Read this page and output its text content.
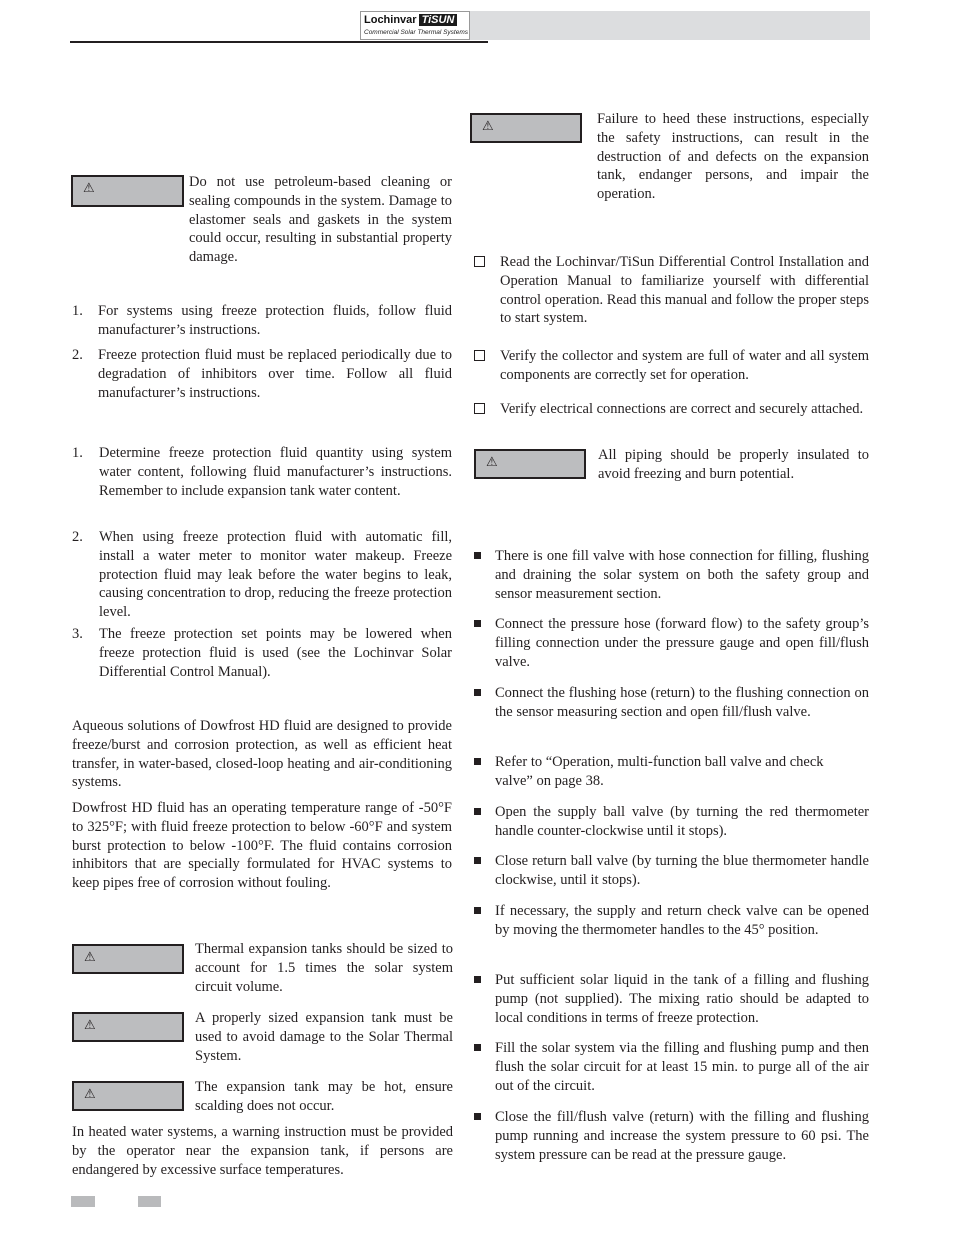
Lochinvar TiSUN
Commercial Solar Thermal Systems
⚠	Do not use petroleum-based cleaning or sealing compounds in the system. Damage to elastomer seals and gaskets in the system could occur, resulting in substantial property damage.
1. For systems using freeze protection fluids, follow fluid manufacturer’s instructions.
2. Freeze protection fluid must be replaced periodically due to degradation of inhibitors over time. Follow all fluid manufacturer’s instructions.
1. Determine freeze protection fluid quantity using system water content, following fluid manufacturer’s instructions. Remember to include expansion tank water content.
2. When using freeze protection fluid with automatic fill, install a water meter to monitor water makeup. Freeze protection fluid may leak before the water begins to leak, causing concentration to drop, reducing the freeze protection level.
3. The freeze protection set points may be lowered when freeze protection fluid is used (see the Lochinvar Solar Differential Control Manual).
Aqueous solutions of Dowfrost HD fluid are designed to provide freeze/burst and corrosion protection, as well as efficient heat transfer, in water-based, closed-loop heating and air-conditioning systems.
Dowfrost HD fluid has an operating temperature range of -50°F to 325°F; with fluid freeze protection to below -60°F and system burst protection to below -100°F. The fluid contains corrosion inhibitors that are specially formulated for HVAC systems to keep pipes free of corrosion without fouling.
⚠
Thermal expansion tanks should be sized to account for 1.5 times the solar system circuit volume.
⚠	A properly sized expansion tank must be used to avoid damage to the Solar Thermal System.
⚠	The expansion tank may be hot, ensure scalding does not occur.
In heated water systems, a warning instruction must be provided by the operator near the expansion tank, if persons are endangered by excessive surface temperatures.
⚠	Failure to heed these instructions, especially the safety instructions, can result in the destruction of and defects on the expansion tank, endanger persons, and impair the operation.
Read the Lochinvar/TiSun Differential Control Installation and Operation Manual to familiarize yourself with differential control operation. Read this manual and follow the proper steps to start system.
Verify the collector and system are full of water and all system components are correctly set for operation.
Verify electrical connections are correct and securely attached.
⚠	All piping should be properly insulated to avoid freezing and burn potential.
There is one fill valve with hose connection for filling, flushing and draining the solar system on both the safety group and sensor measurement section.
Connect the pressure hose (forward flow) to the safety group’s filling connection under the pressure gauge and open fill/flush valve.
Connect the flushing hose (return) to the flushing connection on the sensor measuring section and open fill/flush valve.
Refer to “Operation, multi-function ball valve and check valve” on page 38.
Open the supply ball valve (by turning the red thermometer handle counter-clockwise until it stops).
Close return ball valve (by turning the blue thermometer handle clockwise, until it stops).
If necessary, the supply and return check valve can be opened by moving the thermometer handles to the 45° position.
Put sufficient solar liquid in the tank of a filling and flushing pump (not supplied). The mixing ratio should be adapted to local conditions in terms of freeze protection.
Fill the solar system via the filling and flushing pump and then flush the solar circuit for at least 15 min. to purge all of the air out of the circuit.
Close the fill/flush valve (return) with the filling and flushing pump running and increase the system pressure to 60 psi. The system pressure can be read at the pressure gauge.
